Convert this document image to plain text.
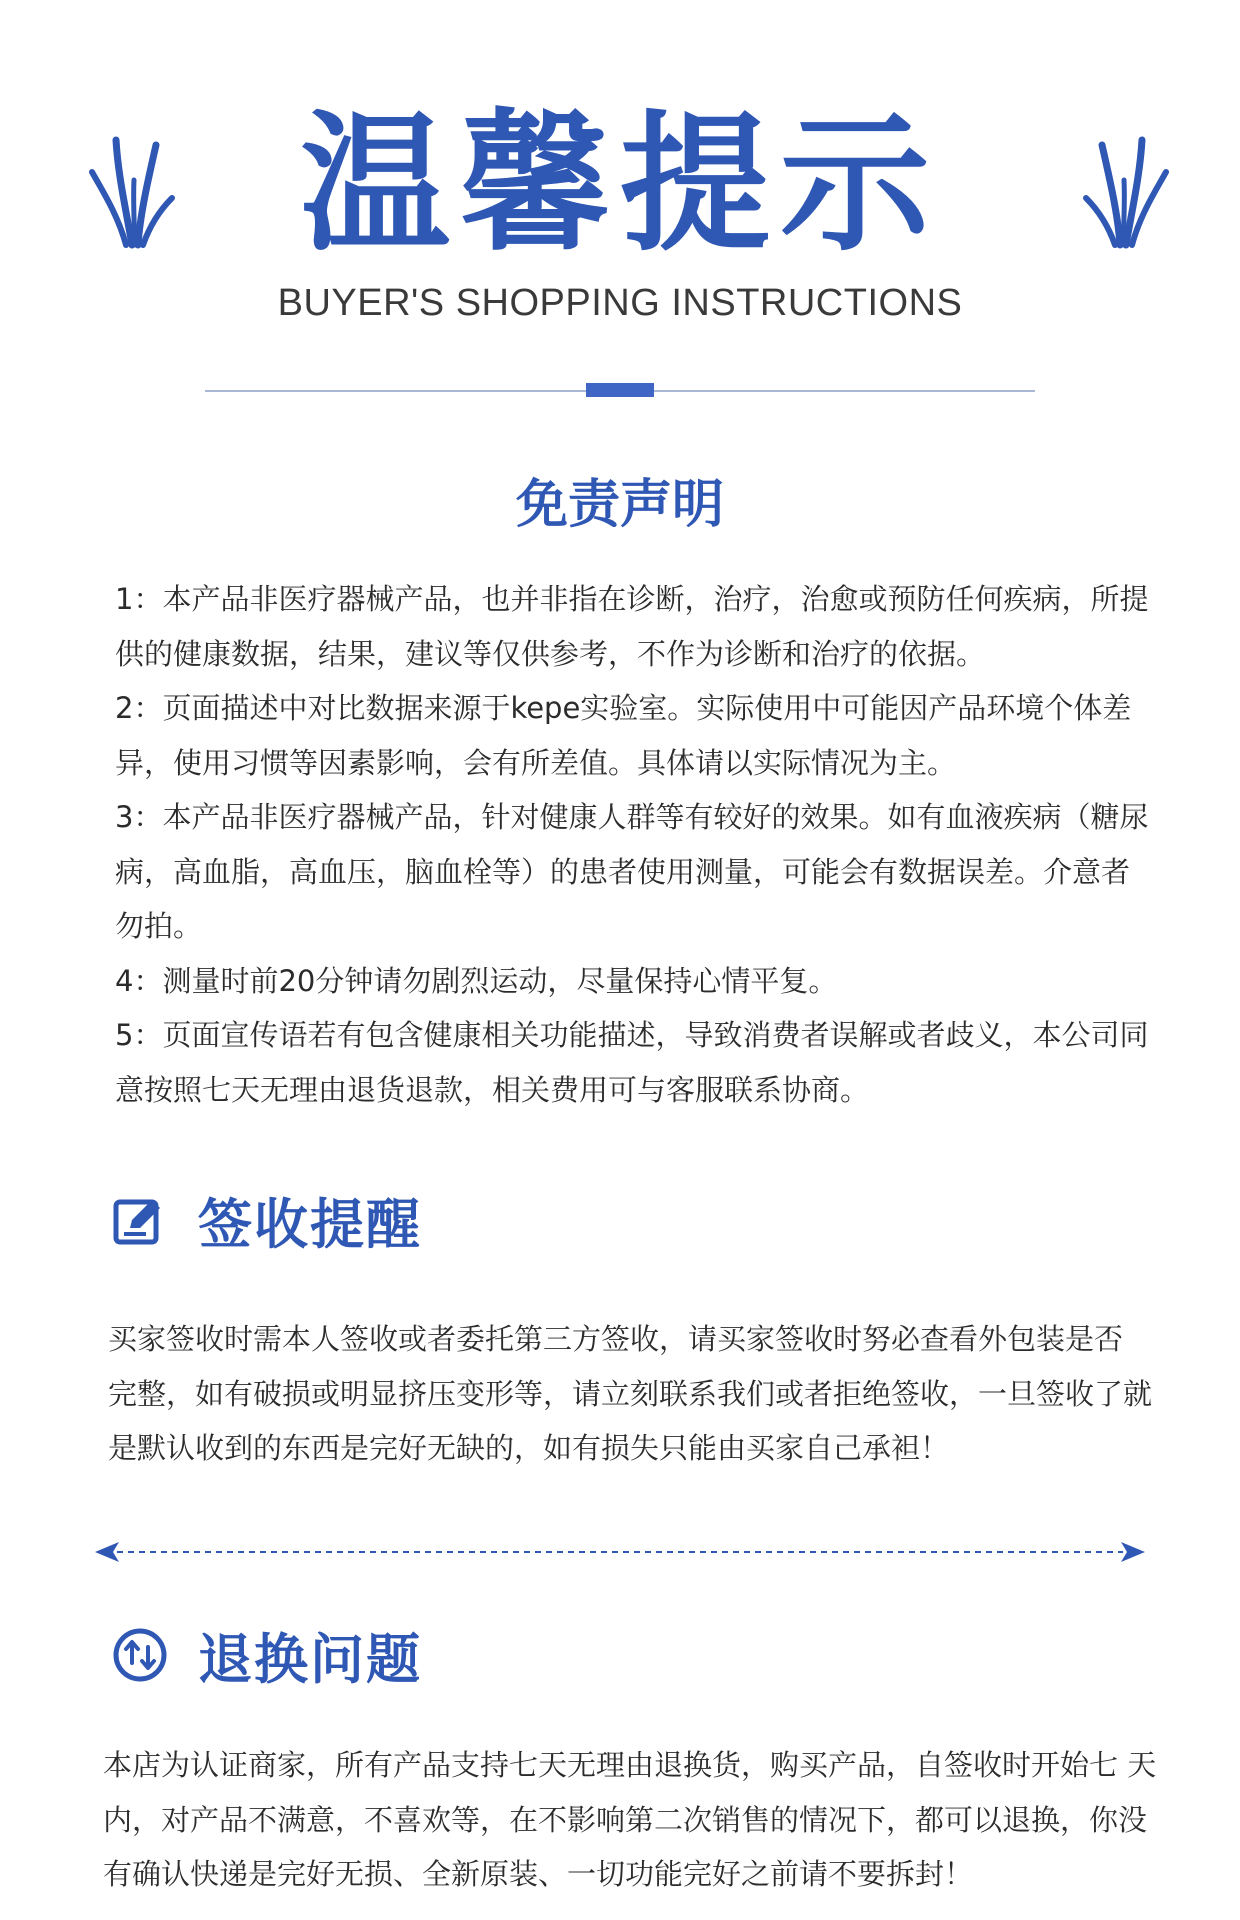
温馨提示
BUYER'S SHOPPING INSTRUCTIONS
免责声明

1：本产品非医疗器械产品，也并非指在诊断，治疗，治愈或预防任何疾病，所提供的健康数据，结果，建议等仅供参考，不作为诊断和治疗的依据。

2：页面描述中对比数据来源于kepe实验室。实际使用中可能因产品环境个体差异，使用习惯等因素影响，会有所差值。具体请以实际情况为主。

3：本产品非医疗器械产品，针对健康人群等有较好的效果。如有血液疾病（糖尿病，高血脂，高血压，脑血栓等）的患者使用测量，可能会有数据误差。介意者勿拍。

4：测量时前20分钟请勿剧烈运动，尽量保持心情平复。

5：页面宣传语若有包含健康相关功能描述，导致消费者误解或者歧义，本公司同意按照七天无理由退货退款，相关费用可与客服联系协商。

签收提醒

买家签收时需本人签收或者委托第三方签收，请买家签收时努必查看外包装是否 完整，如有破损或明显挤压变形等，请立刻联系我们或者拒绝签收，一旦签收了就是默认收到的东西是完好无缺的，如有损失只能由买家自己承袒！

退换问题

本店为认证商家，所有产品支持七天无理由退换货，购买产品，自签收时开始七 天内，对产品不满意，不喜欢等，在不影响第二次销售的情况下，都可以退换，你没有确认快递是完好无损、全新原装、一切功能完好之前请不要拆封！
